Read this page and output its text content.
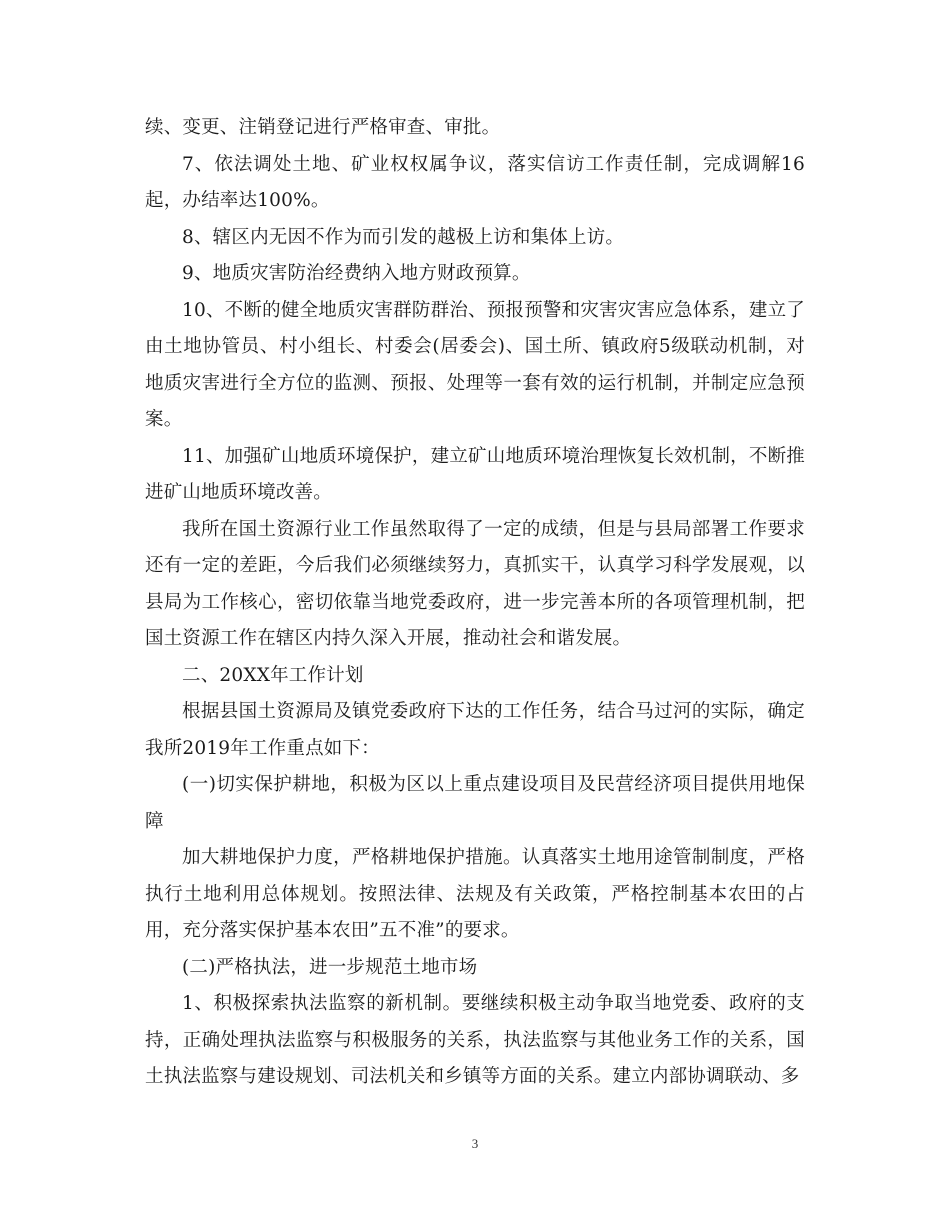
续、变更、注销登记进行严格审查、审批。

7、依法调处土地、矿业权权属争议，落实信访工作责任制，完成调解16起，办结率达100%。

8、辖区内无因不作为而引发的越极上访和集体上访。

9、地质灾害防治经费纳入地方财政预算。

10、不断的健全地质灾害群防群治、预报预警和灾害灾害应急体系，建立了由土地协管员、村小组长、村委会(居委会)、国土所、镇政府5级联动机制，对地质灾害进行全方位的监测、预报、处理等一套有效的运行机制，并制定应急预案。

11、加强矿山地质环境保护，建立矿山地质环境治理恢复长效机制，不断推进矿山地质环境改善。

我所在国土资源行业工作虽然取得了一定的成绩，但是与县局部署工作要求还有一定的差距，今后我们必须继续努力，真抓实干，认真学习科学发展观，以县局为工作核心，密切依靠当地党委政府，进一步完善本所的各项管理机制，把国土资源工作在辖区内持久深入开展，推动社会和谐发展。

二、20XX年工作计划

根据县国土资源局及镇党委政府下达的工作任务，结合马过河的实际，确定我所2019年工作重点如下：

(一)切实保护耕地，积极为区以上重点建设项目及民营经济项目提供用地保障

加大耕地保护力度，严格耕地保护措施。认真落实土地用途管制制度，严格执行土地利用总体规划。按照法律、法规及有关政策，严格控制基本农田的占用，充分落实保护基本农田”五不准”的要求。

(二)严格执法，进一步规范土地市场

1、积极探索执法监察的新机制。要继续积极主动争取当地党委、政府的支持，正确处理执法监察与积极服务的关系，执法监察与其他业务工作的关系，国土执法监察与建设规划、司法机关和乡镇等方面的关系。建立内部协调联动、多

3
